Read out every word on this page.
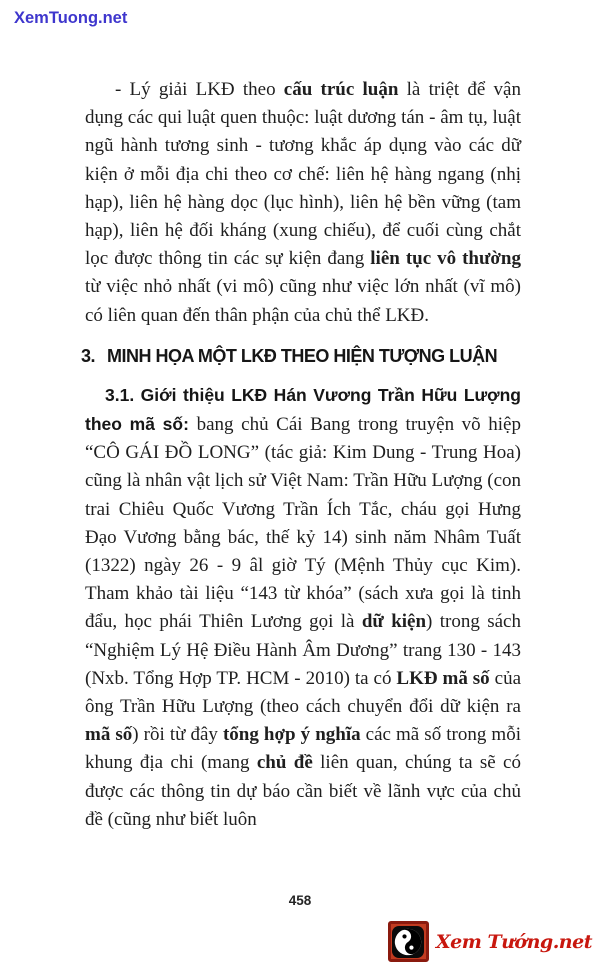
XemTuong.net

- Lý giải LKĐ theo cấu trúc luận là triệt để vận dụng các qui luật quen thuộc: luật dương tán - âm tụ, luật ngũ hành tương sinh - tương khắc áp dụng vào các dữ kiện ở mỗi địa chi theo cơ chế: liên hệ hàng ngang (nhị hạp), liên hệ hàng dọc (lục hình), liên hệ bền vững (tam hạp), liên hệ đối kháng (xung chiếu), để cuối cùng chắt lọc được thông tin các sự kiện đang liên tục vô thường từ việc nhỏ nhất (vi mô) cũng như việc lớn nhất (vĩ mô) có liên quan đến thân phận của chủ thể LKĐ.

3. MINH HỌA MỘT LKĐ THEO HIỆN TƯỢNG LUẬN

3.1. Giới thiệu LKĐ Hán Vương Trần Hữu Lượng theo mã số: bang chủ Cái Bang trong truyện võ hiệp “CÔ GÁI ĐỒ LONG” (tác giả: Kim Dung - Trung Hoa) cũng là nhân vật lịch sử Việt Nam: Trần Hữu Lượng (con trai Chiêu Quốc Vương Trần Ích Tắc, cháu gọi Hưng Đạo Vương bằng bác, thế kỷ 14) sinh năm Nhâm Tuất (1322) ngày 26 - 9 âl giờ Tý (Mệnh Thủy cục Kim). Tham khảo tài liệu “143 từ khóa” (sách xưa gọi là tinh đẩu, học phái Thiên Lương gọi là dữ kiện) trong sách “Nghiệm Lý Hệ Điều Hành Âm Dương” trang 130 - 143 (Nxb. Tổng Hợp TP. HCM - 2010) ta có LKĐ mã số của ông Trần Hữu Lượng (theo cách chuyển đổi dữ kiện ra mã số) rồi từ đây tổng hợp ý nghĩa các mã số trong mỗi khung địa chi (mang chủ đề liên quan, chúng ta sẽ có được các thông tin dự báo cần biết về lãnh vực của chủ đề (cũng như biết luôn

458
Xem Tướng.net
